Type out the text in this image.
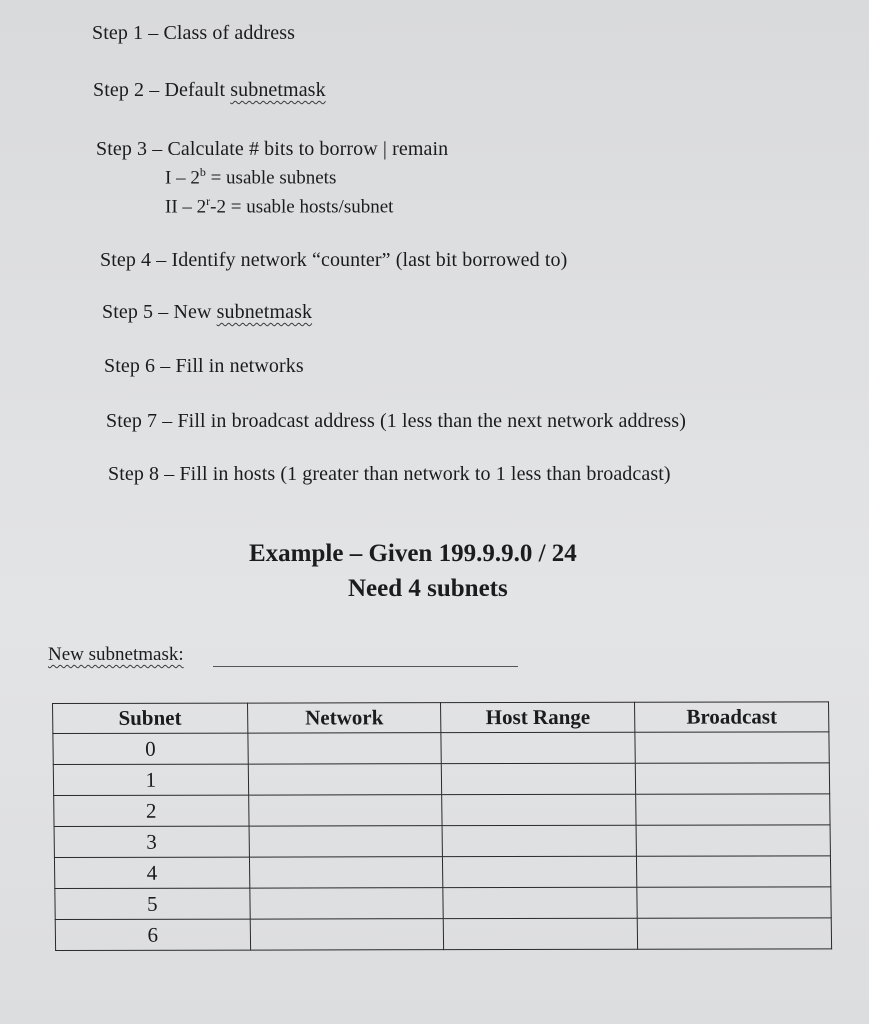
Step 1 – Class of address
Step 2 – Default subnetmask
Step 3 – Calculate # bits to borrow | remain
I – $2^b$ = usable subnets
II – $2^r-2$ = usable hosts/subnet
Step 4 – Identify network “counter” (last bit borrowed to)
Step 5 – New subnetmask
Step 6 – Fill in networks
Step 7 – Fill in broadcast address (1 less than the next network address)
Step 8 – Fill in hosts (1 greater than network to 1 less than broadcast)
Example – Given 199.9.9.0 / 24
Need 4 subnets
New subnetmask:
Subnet	Network	Host Range	Broadcast
0			
1			
2			
3			
4			
5			
6			
